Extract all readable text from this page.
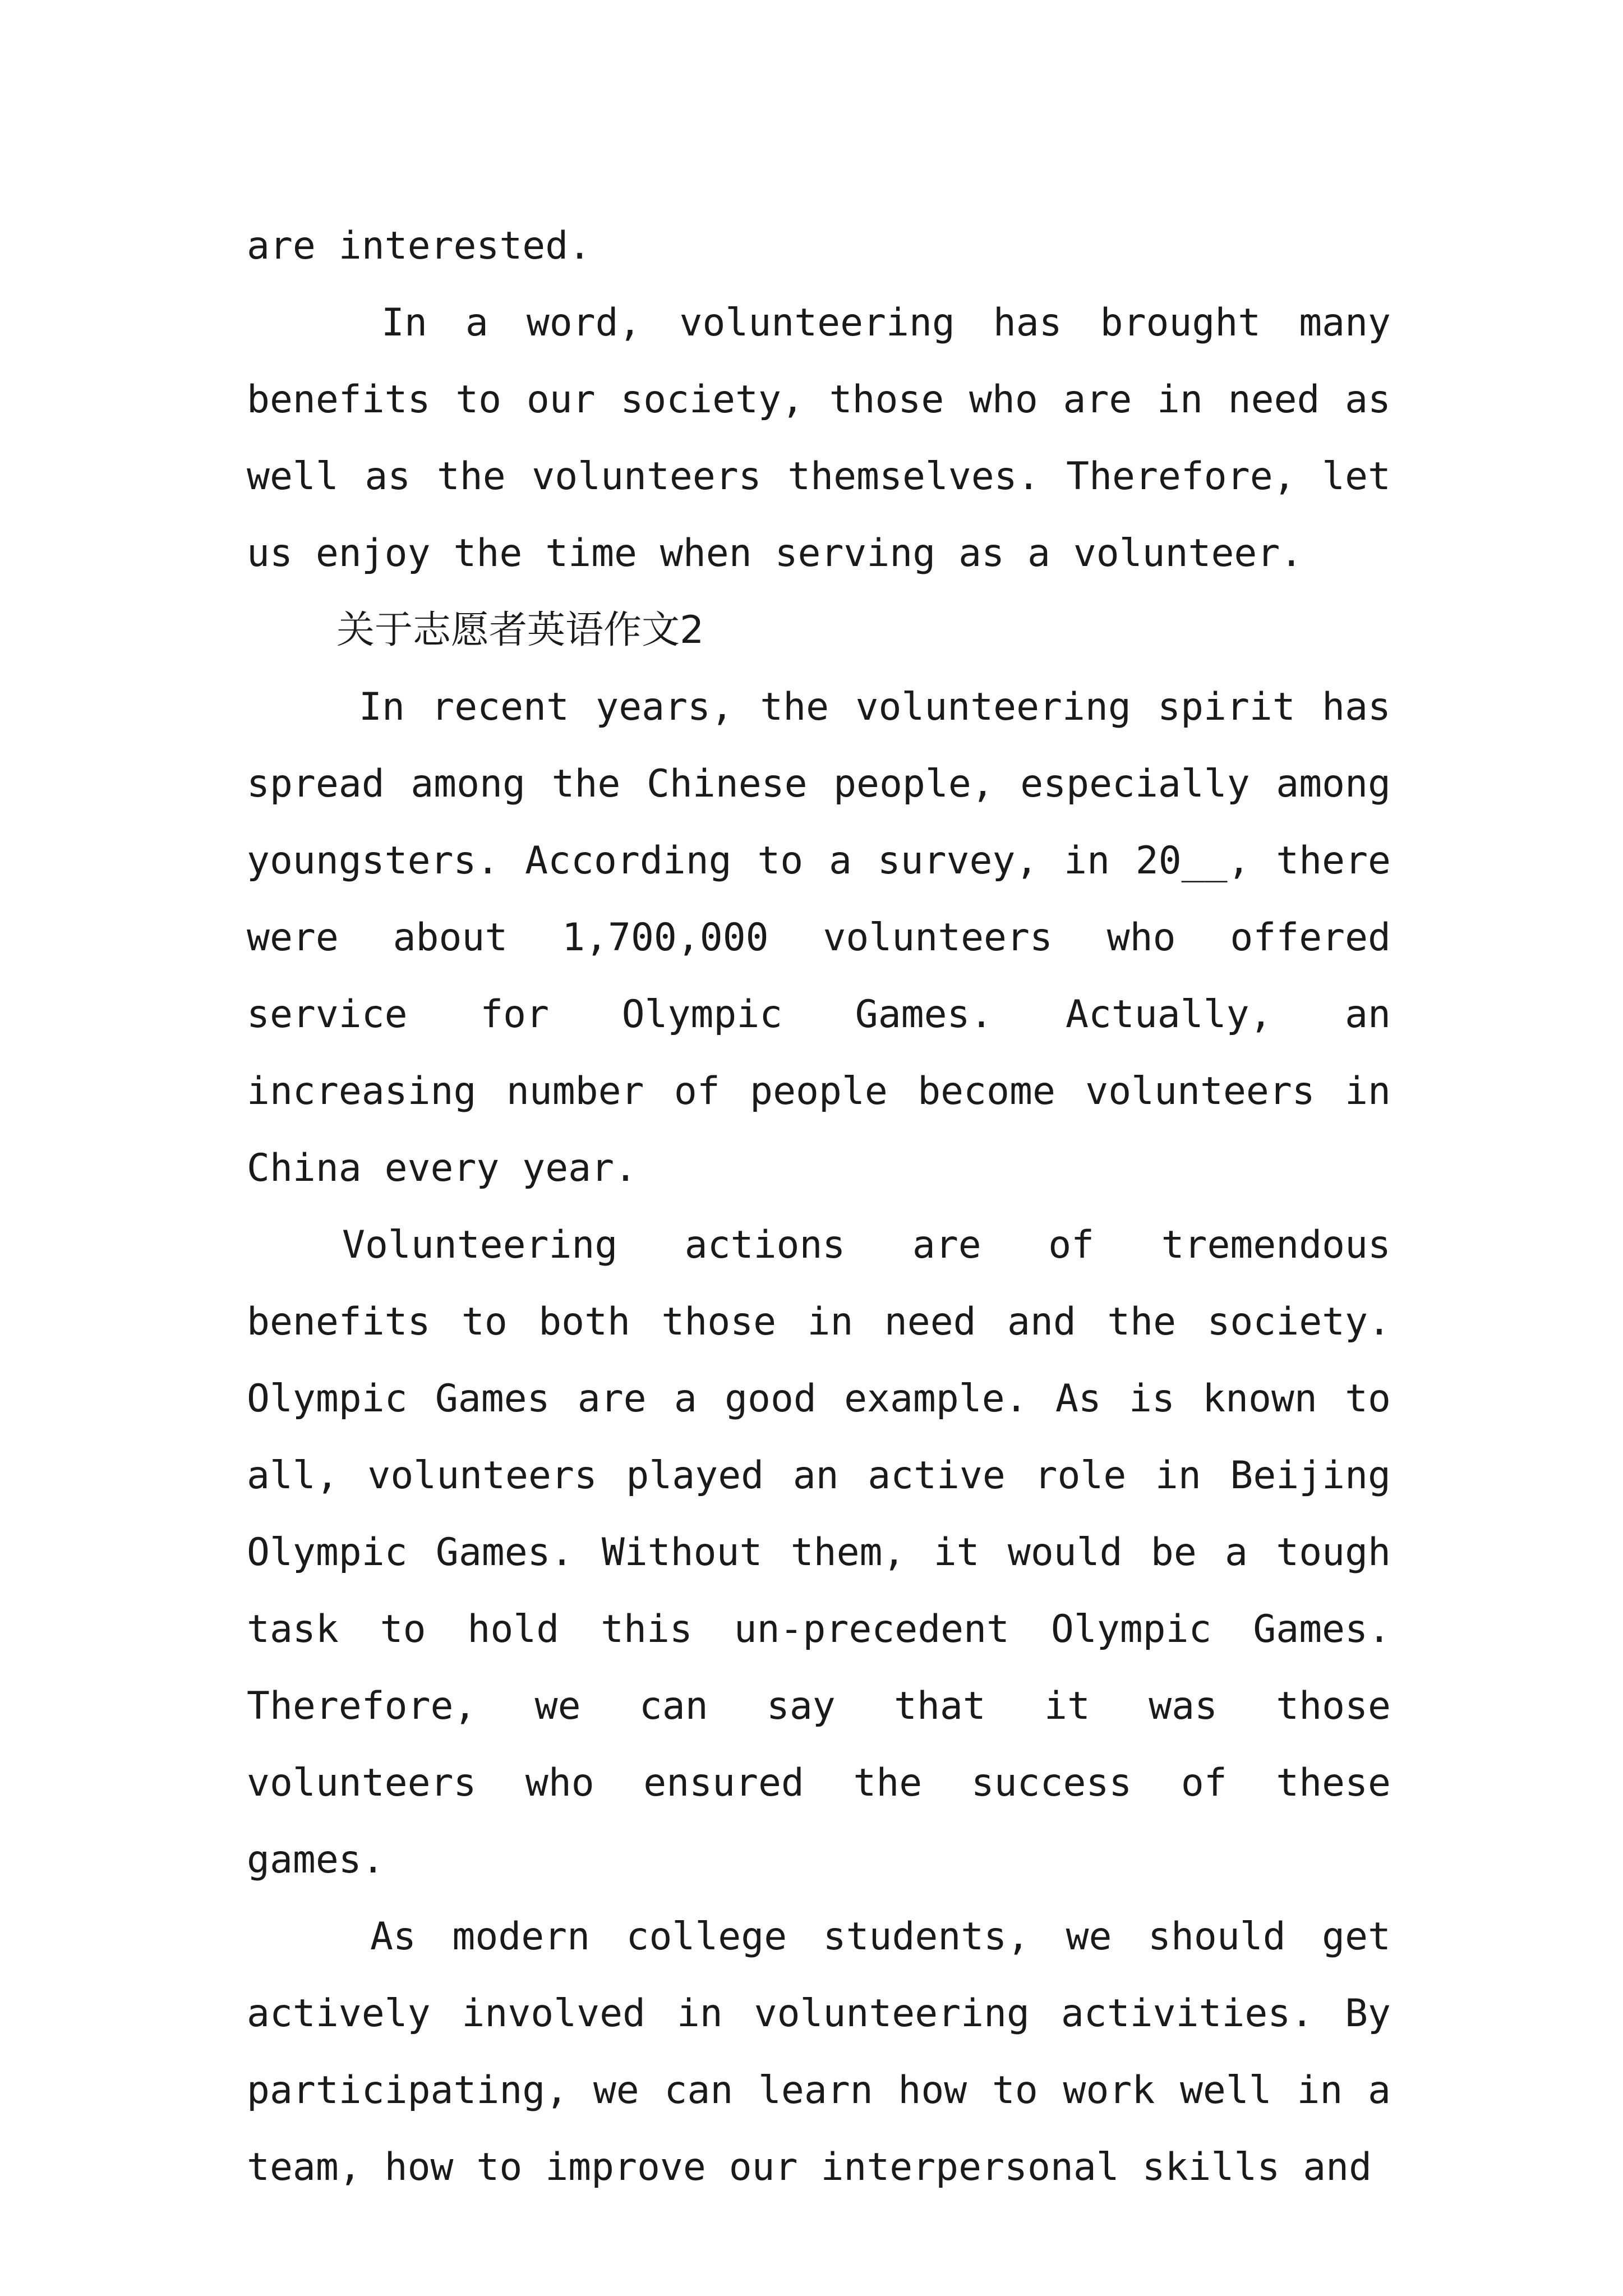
are interested.

In a word, volunteering has brought many benefits to our society, those who are in need as well as the volunteers themselves. Therefore, let us enjoy the time when serving as a volunteer.

关于志愿者英语作文2

In recent years, the volunteering spirit has spread among the Chinese people, especially among youngsters. According to a survey, in 20__, there were about 1,700,000 volunteers who offered service for Olympic Games. Actually, an increasing number of people become volunteers in China every year.

Volunteering actions are of tremendous benefits to both those in need and the society. Olympic Games are a good example. As is known to all, volunteers played an active role in Beijing Olympic Games. Without them, it would be a tough task to hold this un-precedent Olympic Games. Therefore, we can say that it was those volunteers who ensured the success of these games.

As modern college students, we should get actively involved in volunteering activities. By participating, we can learn how to work well in a team, how to improve our interpersonal skills and
